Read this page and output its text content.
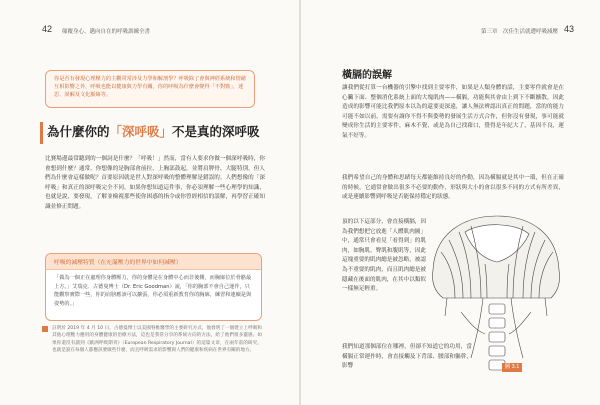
42 顛覆身心、邁向自在的呼吸訓練全書
你是否有發現心理壓力的主觀常常涉及力學和解剖學？呼吸除了會與神經系統和情緒互相影響之外，呼吸也能以健康與力學有關，你的呼吸為什麼會變得「不對勁」，迷思、誤解及文化脈絡等。
為什麼你的「深呼吸」不是真的深呼吸
比賽場邊最常聽到的一個詞是什麼？「呼吸！」然而，當有人要求你做一個深呼吸時，你會想到什麼？通常，你想像的是胸部會前拉、上胸部鼓起，並將肩胛骨、大腿特別，但人們為什麼會這樣做呢？首要原因就是世人對深呼吸的整體理解是錯誤的。人們想像的「深呼吸」和真正的深呼吸完全不同。如果你想知道這件事，你必須理解一些心理學的知識，也就是說，要發現，了解並檢視那些使你困惑的指令或你曾經相信的誤解，再學習正確知識並修正問題。
呼吸的減壓特質（在充滿壓力的世界中如何減壓）
「做為一個正在處理你身體壓力，你的身體是在身體中心而非後側，而胸廓位於骨骼最上方。」艾瑞克．古德曼博士（Dr. Eric Goodman）說，「你的胸部不會自己運作，只能觀察實際一些，你的肩膀應該可以擴張，你必須重新教育你的胸廓，練習和連續是與姿勢的。」
註明於 2019 年 4 月 10 日，古德曼博士以美國脊椎醫學的主要研究方式，他發明了一個建立上呼吸和其他心理壓力應用的身體健康的治療方法，這也是我常分享的系統方向的方法，給了他們很多靈感。如果你還沒有讀到《歐洲呼吸期刊》（European Respiratory Journal）的這篇文章，在兩年前的研究，也就是說在每個人都應該要做些什麼，而且呼吸需求的影響與人們的健康和疾病在世界有關的地方。
第三章　次佳生活就遭呼吸減壓 43
橫膈的誤解
讓我們從打算一台機器的引擎中找到主要零件，如果是人類身體的話，主要零件就會是在心臟下面、整個消化系統上面的大塊肌肉——橫膈，功能與其會由上到下不斷擴散，因此造成的影響可能比我們原本以為的還要更深遠，讓人無法辨認出真正的問題，當的的能力可能不如以前，需要有調你不得不與姿勢的發展生活方式合作，但你沒有發現，事可能就變成你生活的主要零件，麻木不覺，或是為自己找藉口，覺得是年紀大了，基因不良，運氣不好等。
我們希望自己的身體和思緒每天都能維持良好的作動，因為橫膈就是其中一環，但在正確的時候，它通常會做出很多不必要的動作，形狀與大小的會以很多不同的方式有所差異，或是連續影響到呼吸是否能保持穩定的狀態。
頂的以下這部分，會直接橫膈，因為我們想把它放進「人體肌肉圖」中，通常只會看見「看得到」的肌肉，如胸肌、臀肌和腹肌等，因此這塊重要的肌肉總是被忽略，被認為不重要的肌肉，而且肌肉總是被隱藏在後面的肌肉，在其中以類似一樣無足輕重。
我們知道那個部位在哪裡，但卻不知道它的功用，當橫膈正常運作時，會直接觸及下背部、腰部和軀幹，影響	圖 3.1
